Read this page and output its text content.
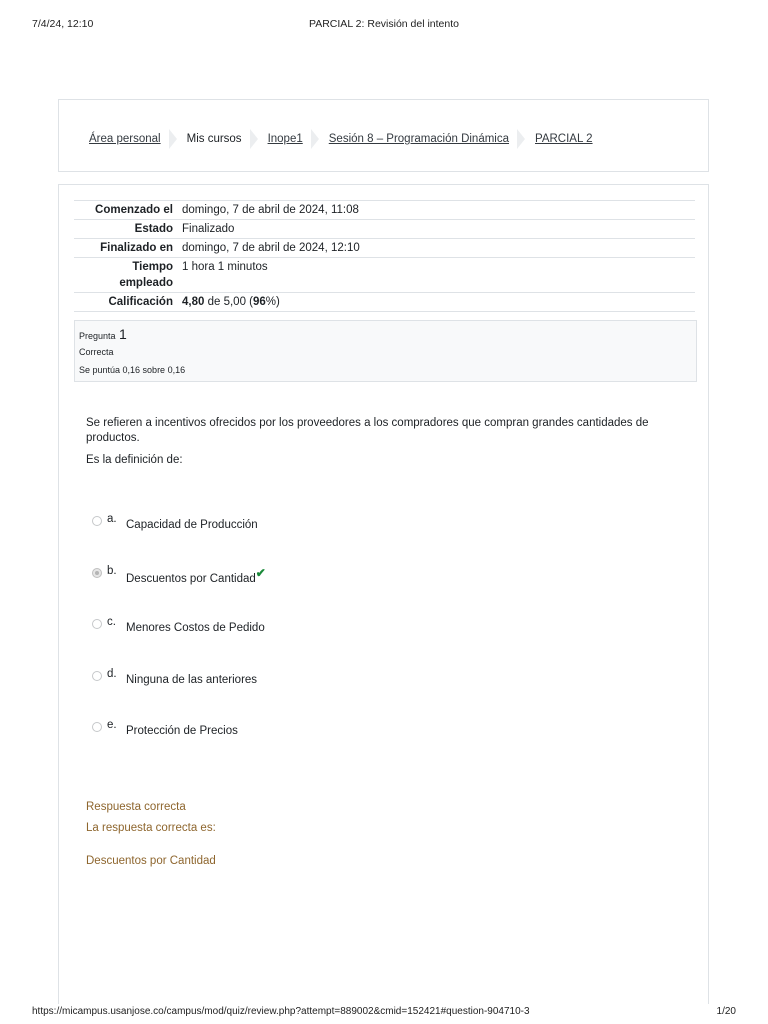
7/4/24, 12:10	PARCIAL 2: Revisión del intento
Área personal Mis cursos Inope1 Sesión 8 – Programación Dinámica PARCIAL 2
Comenzado el	domingo, 7 de abril de 2024, 11:08
Estado	Finalizado
Finalizado en	domingo, 7 de abril de 2024, 12:10
Tiempo
empleado	1 hora 1 minutos
Calificación	4,80 de 5,00 (96%)
Pregunta 1
Correcta
Se puntúa 0,16 sobre 0,16

Se refieren a incentivos ofrecidos por los proveedores a los compradores que compran grandes cantidades de productos.

Es la definición de:

a. Capacidad de Producción
b.
Descuentos por Cantidad✔
c. Menores Costos de Pedido
d. Ninguna de las anteriores
e. Protección de Precios
Respuesta correcta
La respuesta correcta es:
Descuentos por Cantidad
https://micampus.usanjose.co/campus/mod/quiz/review.php?attempt=889002&cmid=152421#question-904710-3	1/20
